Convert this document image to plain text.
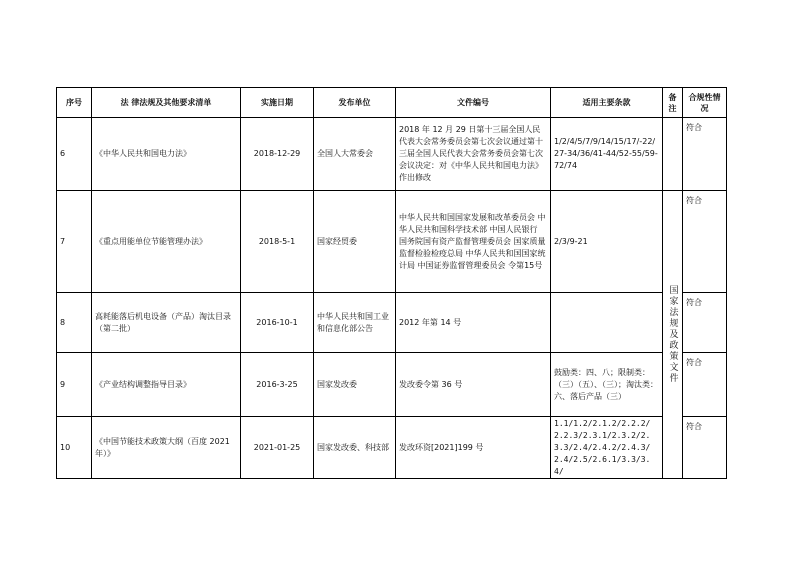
序号	法 律法规及其他要求清单	实施日期	发布单位	文件编号	适用主要条款	备注	合规性情况
6	《中华人民共和国电力法》	2018-12-29	全国人大常委会	2018 年 12 月 29 日第十三届全国人民代表大会常务委员会第七次会议通过第十三届全国人民代表大会常务委员会第七次会议决定：对《中华人民共和国电力法》作出修改	1/2/4/5/7/9/14/15/17/-22/27-34/36/41-44/52-55/59-72/74		符合
7	《重点用能单位节能管理办法》	2018-5-1	国家经贸委	中华人民共和国国家发展和改革委员会 中华人民共和国科学技术部 中国人民银行 国务院国有资产监督管理委员会 国家质量监督检验检疫总局 中华人民共和国国家统计局 中国证券监督管理委员会 令第15号	2/3/9-21	国家法规及政策文件	符合
8	高耗能落后机电设备（产品）淘汰目录（第二批）	2016-10-1	中华人民共和国工业和信息化部公告	2012 年第 14 号			符合
9	《产业结构调整指导目录》	2016-3-25	国家发改委	发改委令第 36 号	鼓励类：四、八；限制类：（三）（五）、（三）；淘汰类：六、落后产品（三）		符合
10	《中国节能技术政策大纲（百度 2021 年）》	2021-01-25	国家发改委、科技部	发改环资[2021]199 号	1.1/1.2/2.1.2/2.2.2/2.2.3/2.3.1/2.3.2/2.3.3/2.4/2.4.2/2.4.3/2.4/2.5/2.6.1/3.3/3.4/		符合
